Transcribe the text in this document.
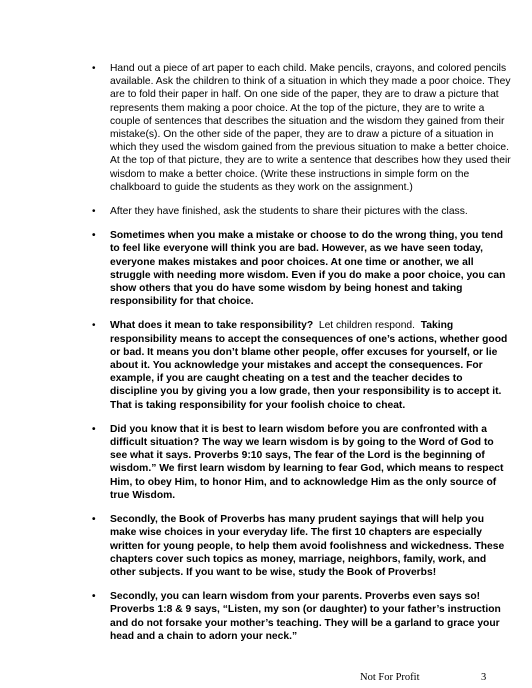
• Hand out a piece of art paper to each child. Make pencils, crayons, and colored pencils available. Ask the children to think of a situation in which they made a poor choice. They are to fold their paper in half. On one side of the paper, they are to draw a picture that represents them making a poor choice. At the top of the picture, they are to write a couple of sentences that describes the situation and the wisdom they gained from their mistake(s). On the other side of the paper, they are to draw a picture of a situation in which they used the wisdom gained from the previous situation to make a better choice. At the top of that picture, they are to write a sentence that describes how they used their wisdom to make a better choice. (Write these instructions in simple form on the chalkboard to guide the students as they work on the assignment.)
• After they have finished, ask the students to share their pictures with the class.
• Sometimes when you make a mistake or choose to do the wrong thing, you tend to feel like everyone will think you are bad. However, as we have seen today, everyone makes mistakes and poor choices. At one time or another, we all struggle with needing more wisdom. Even if you do make a poor choice, you can show others that you do have some wisdom by being honest and taking responsibility for that choice.
• What does it mean to take responsibility?  Let children respond.  Taking responsibility means to accept the consequences of one’s actions, whether good or bad. It means you don’t blame other people, offer excuses for yourself, or lie about it. You acknowledge your mistakes and accept the consequences. For example, if you are caught cheating on a test and the teacher decides to discipline you by giving you a low grade, then your responsibility is to accept it. That is taking responsibility for your foolish choice to cheat.
• Did you know that it is best to learn wisdom before you are confronted with a difficult situation? The way we learn wisdom is by going to the Word of God to see what it says. Proverbs 9:10 says, The fear of the Lord is the beginning of wisdom.” We first learn wisdom by learning to fear God, which means to respect Him, to obey Him, to honor Him, and to acknowledge Him as the only source of true Wisdom.
• Secondly, the Book of Proverbs has many prudent sayings that will help you make wise choices in your everyday life. The first 10 chapters are especially written for young people, to help them avoid foolishness and wickedness. These chapters cover such topics as money, marriage, neighbors, family, work, and other subjects. If you want to be wise, study the Book of Proverbs!
• Secondly, you can learn wisdom from your parents. Proverbs even says so! Proverbs 1:8 & 9 says, “Listen, my son (or daughter) to your father’s instruction and do not forsake your mother’s teaching. They will be a garland to grace your head and a chain to adorn your neck.”
Not For Profit	3
